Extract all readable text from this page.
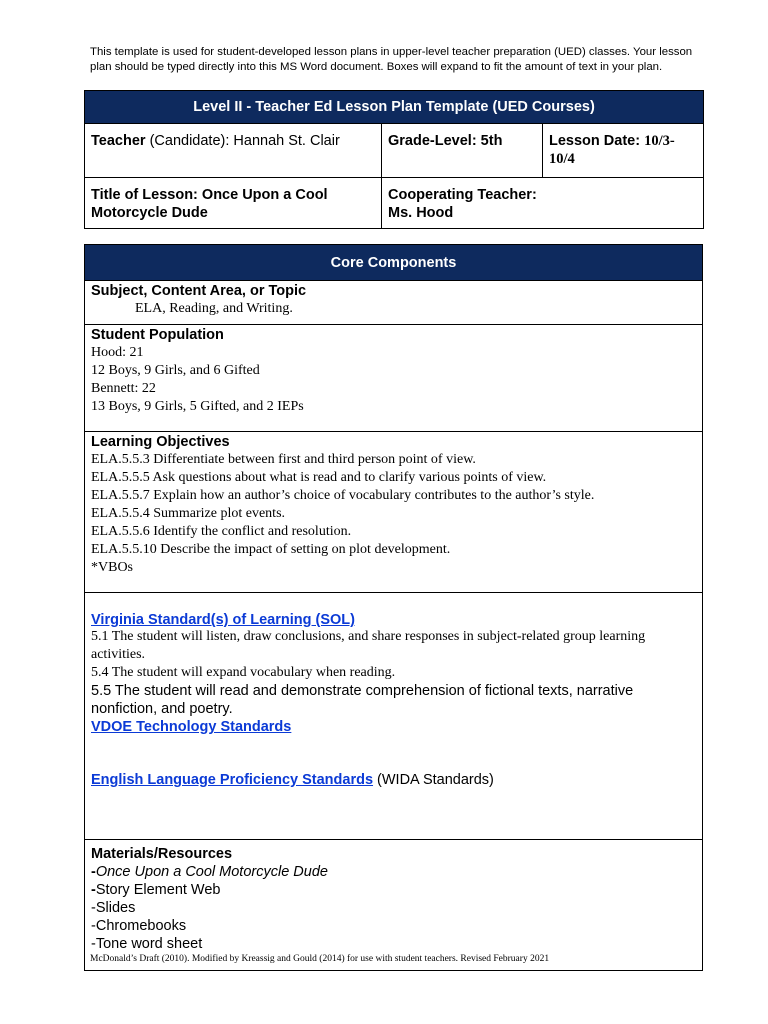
This template is used for student-developed lesson plans in upper-level teacher preparation (UED) classes. Your lesson plan should be typed directly into this MS Word document. Boxes will expand to fit the amount of text in your plan.
Level II - Teacher Ed Lesson Plan Template (UED Courses)		
Teacher (Candidate): Hannah St. Clair	Grade-Level: 5th	Lesson Date: 10/3-10/4
Title of Lesson: Once Upon a Cool Motorcycle Dude	Cooperating Teacher:
Ms. Hood	
Core Components

Subject, Content Area, or Topic
ELA, Reading, and Writing.

Student Population
Hood: 21
12 Boys, 9 Girls, and 6 Gifted
Bennett: 22
13 Boys, 9 Girls, 5 Gifted, and 2 IEPs

Learning Objectives
ELA.5.5.3 Differentiate between first and third person point of view.
ELA.5.5.5 Ask questions about what is read and to clarify various points of view.
ELA.5.5.7 Explain how an author’s choice of vocabulary contributes to the author’s style.
ELA.5.5.4 Summarize plot events.
ELA.5.5.6 Identify the conflict and resolution.
ELA.5.5.10 Describe the impact of setting on plot development.
*VBOs

Virginia Standard(s) of Learning (SOL)
5.1 The student will listen, draw conclusions, and share responses in subject-related group learning activities.
5.4 The student will expand vocabulary when reading.
5.5 The student will read and demonstrate comprehension of fictional texts, narrative nonfiction, and poetry.
VDOE Technology Standards
English Language Proficiency Standards (WIDA Standards)

Materials/Resources
-Once Upon a Cool Motorcycle Dude
-Story Element Web
-Slides
-Chromebooks
-Tone word sheet
McDonald’s Draft (2010). Modified by Kreassig and Gould (2014) for use with student teachers. Revised February 2021
